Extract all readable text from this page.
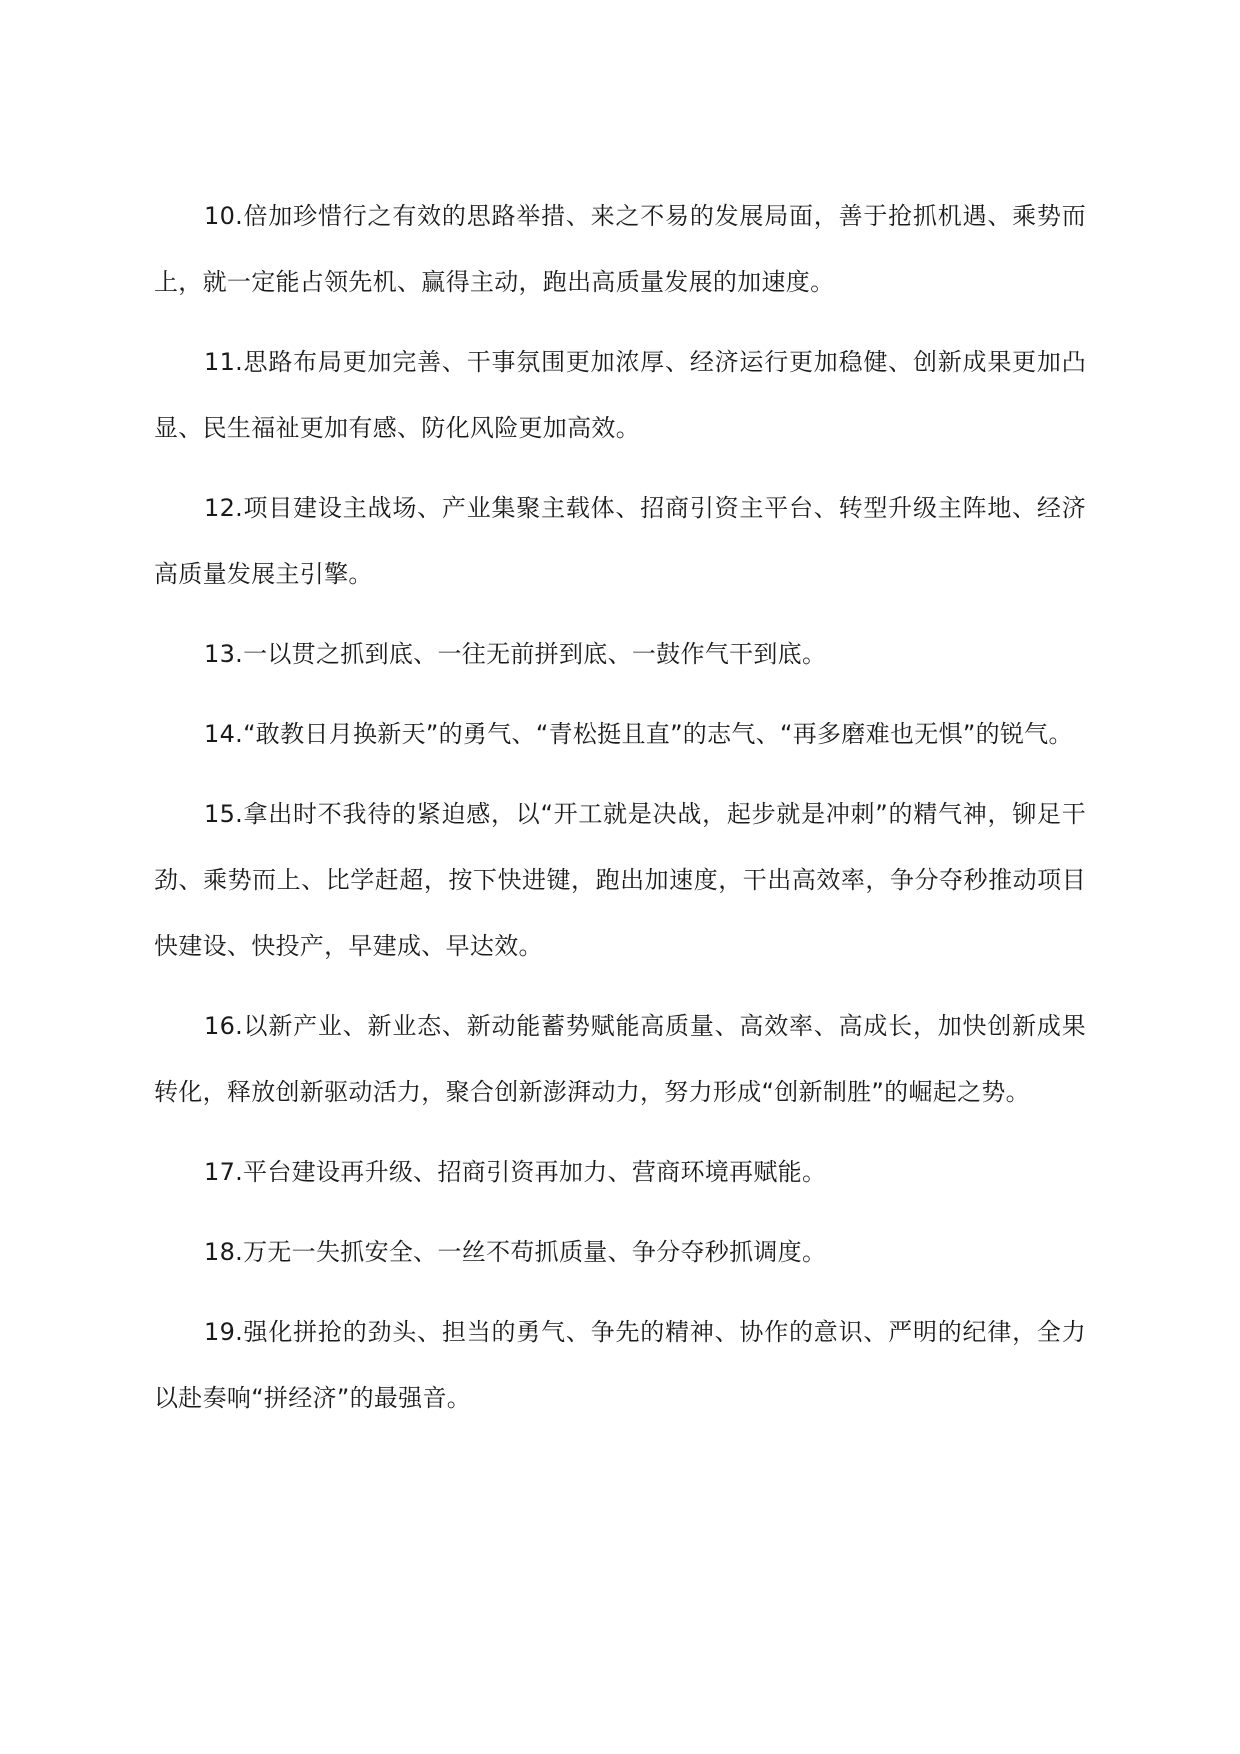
10.倍加珍惜行之有效的思路举措、来之不易的发展局面，善于抢抓机遇、乘势而上，就一定能占领先机、赢得主动，跑出高质量发展的加速度。

11.思路布局更加完善、干事氛围更加浓厚、经济运行更加稳健、创新成果更加凸显、民生福祉更加有感、防化风险更加高效。

12.项目建设主战场、产业集聚主载体、招商引资主平台、转型升级主阵地、经济高质量发展主引擎。

13.一以贯之抓到底、一往无前拼到底、一鼓作气干到底。

14.“敢教日月换新天”的勇气、“青松挺且直”的志气、“再多磨难也无惧”的锐气。

15.拿出时不我待的紧迫感，以“开工就是决战，起步就是冲刺”的精气神，铆足干劲、乘势而上、比学赶超，按下快进键，跑出加速度，干出高效率，争分夺秒推动项目快建设、快投产，早建成、早达效。

16.以新产业、新业态、新动能蓄势赋能高质量、高效率、高成长，加快创新成果转化，释放创新驱动活力，聚合创新澎湃动力，努力形成“创新制胜”的崛起之势。

17.平台建设再升级、招商引资再加力、营商环境再赋能。

18.万无一失抓安全、一丝不苟抓质量、争分夺秒抓调度。

19.强化拼抢的劲头、担当的勇气、争先的精神、协作的意识、严明的纪律，全力以赴奏响“拼经济”的最强音。
